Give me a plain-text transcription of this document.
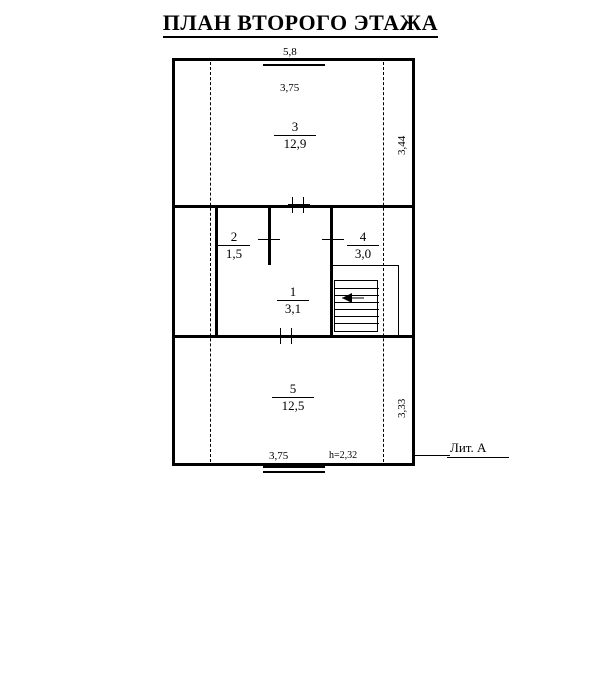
ПЛАН ВТОРОГО ЭТАЖА
5,8
3,75
3,44
3,33
3,75	h=2,32
3
12,9
2
1,5
4
3,0
1
3,1
5
12,5
Лит. А
